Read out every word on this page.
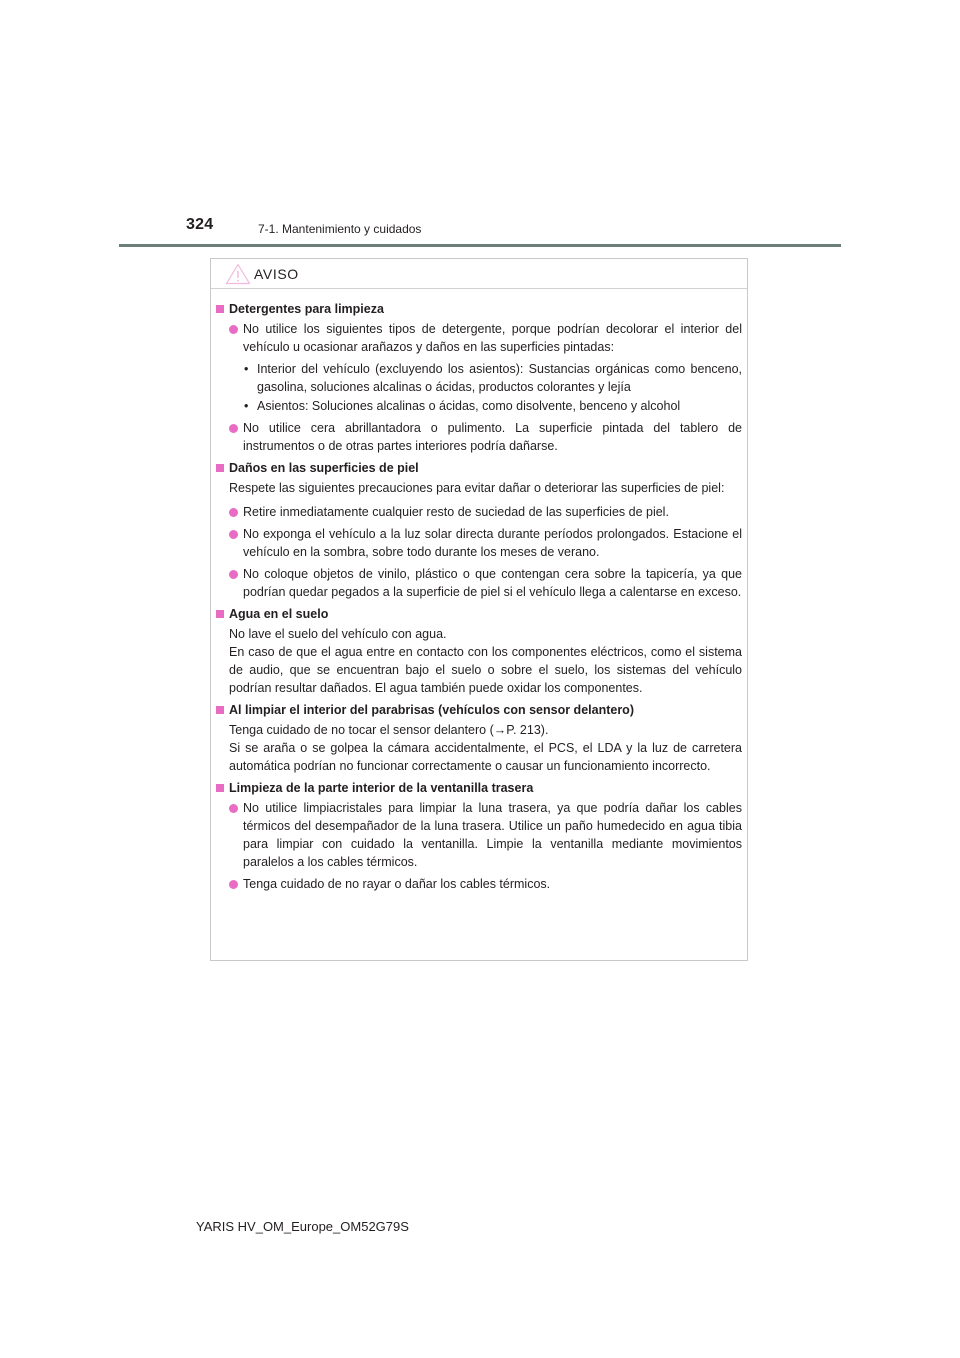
324	7-1. Mantenimiento y cuidados
AVISO
Detergentes para limpieza
No utilice los siguientes tipos de detergente, porque podrían decolorar el interior del vehículo u ocasionar arañazos y daños en las superficies pintadas:
• Interior del vehículo (excluyendo los asientos): Sustancias orgánicas como benceno, gasolina, soluciones alcalinas o ácidas, productos colorantes y lejía
• Asientos: Soluciones alcalinas o ácidas, como disolvente, benceno y alcohol
No utilice cera abrillantadora o pulimento. La superficie pintada del tablero de instrumentos o de otras partes interiores podría dañarse.
Daños en las superficies de piel
Respete las siguientes precauciones para evitar dañar o deteriorar las superficies de piel:
Retire inmediatamente cualquier resto de suciedad de las superficies de piel.
No exponga el vehículo a la luz solar directa durante períodos prolongados. Estacione el vehículo en la sombra, sobre todo durante los meses de verano.
No coloque objetos de vinilo, plástico o que contengan cera sobre la tapicería, ya que podrían quedar pegados a la superficie de piel si el vehículo llega a calentarse en exceso.
Agua en el suelo
No lave el suelo del vehículo con agua.
En caso de que el agua entre en contacto con los componentes eléctricos, como el sistema de audio, que se encuentran bajo el suelo o sobre el suelo, los sistemas del vehículo podrían resultar dañados. El agua también puede oxidar los componentes.
Al limpiar el interior del parabrisas (vehículos con sensor delantero)
Tenga cuidado de no tocar el sensor delantero (→P. 213).
Si se araña o se golpea la cámara accidentalmente, el PCS, el LDA y la luz de carretera automática podrían no funcionar correctamente o causar un funcionamiento incorrecto.
Limpieza de la parte interior de la ventanilla trasera
No utilice limpiacristales para limpiar la luna trasera, ya que podría dañar los cables térmicos del desempañador de la luna trasera. Utilice un paño humedecido en agua tibia para limpiar con cuidado la ventanilla. Limpie la ventanilla mediante movimientos paralelos a los cables térmicos.
Tenga cuidado de no rayar o dañar los cables térmicos.
YARIS HV_OM_Europe_OM52G79S
